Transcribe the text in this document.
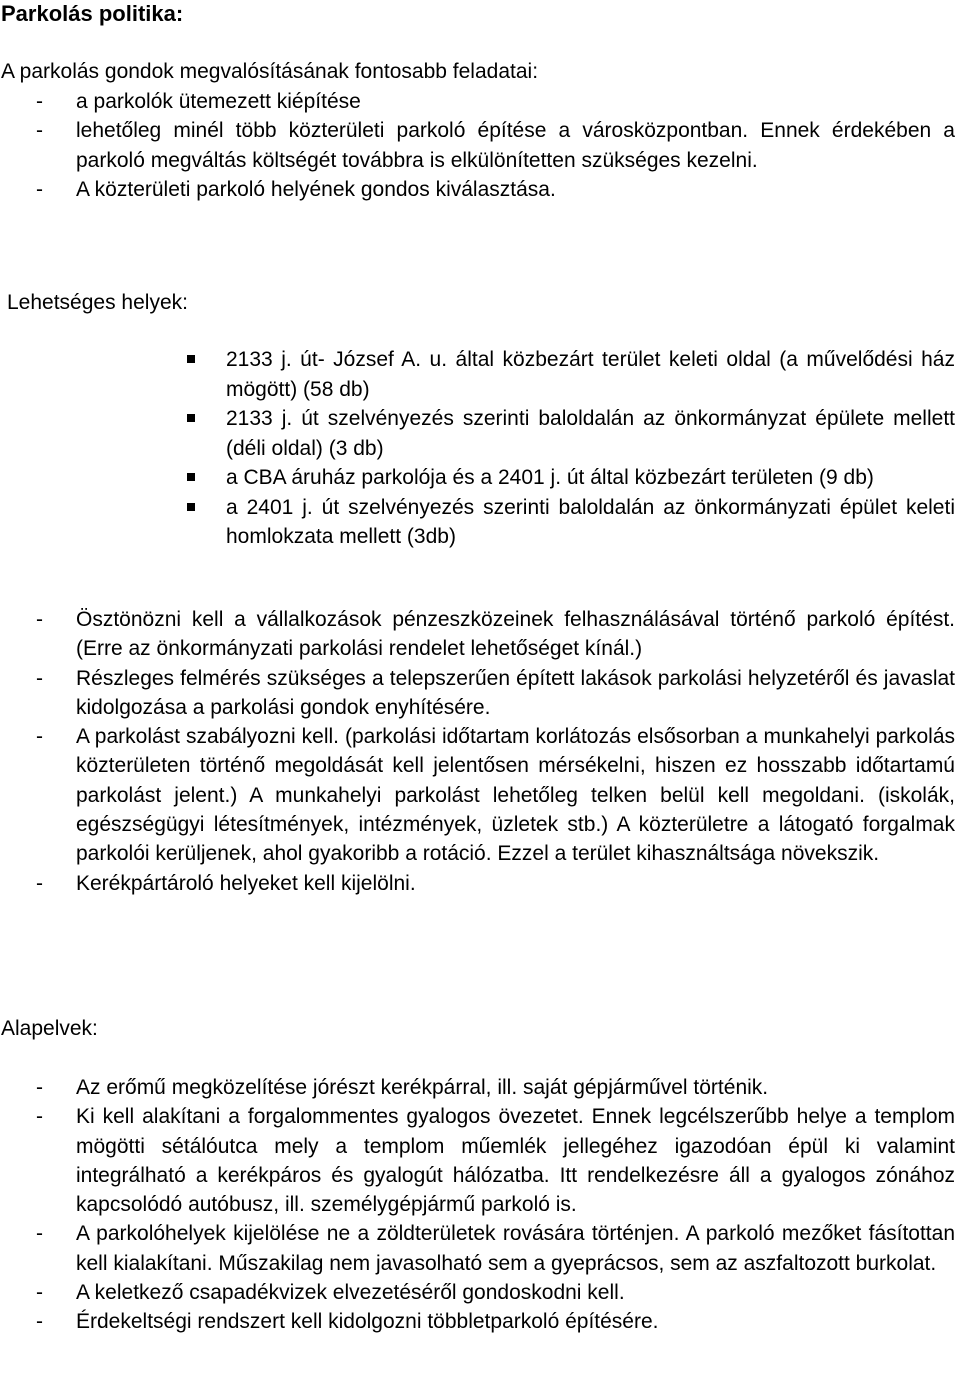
Parkolás politika:

A parkolás gondok megvalósításának fontosabb feladatai:

- a parkolók ütemezett kiépítése
- lehetőleg minél több közterületi parkoló építése a városközpontban. Ennek érdekében a parkoló megváltás költségét továbbra is elkülönítetten szükséges kezelni.
- A közterületi parkoló helyének gondos kiválasztása.

Lehetséges helyek:

2133 j. út- József A. u. által közbezárt terület keleti oldal (a művelődési ház mögött) (58 db)
2133 j. út szelvényezés szerinti baloldalán az önkormányzat épülete mellett (déli oldal) (3 db)
a CBA áruház parkolója és a 2401 j. út által közbezárt területen (9 db)
a 2401 j. út szelvényezés szerinti baloldalán az önkormányzati épület keleti homlokzata mellett (3db)
- Ösztönözni kell a vállalkozások pénzeszközeinek felhasználásával történő parkoló építést. (Erre az önkormányzati parkolási rendelet lehetőséget kínál.)
- Részleges felmérés szükséges a telepszerűen épített lakások parkolási helyzetéről és javaslat kidolgozása a parkolási gondok enyhítésére.
- A parkolást szabályozni kell. (parkolási időtartam korlátozás elsősorban a munkahelyi parkolás közterületen történő megoldását kell jelentősen mérsékelni, hiszen ez hosszabb időtartamú parkolást jelent.) A munkahelyi parkolást lehetőleg telken belül kell megoldani. (iskolák, egészségügyi létesítmények, intézmények, üzletek stb.) A közterületre a látogató forgalmak parkolói kerüljenek, ahol gyakoribb a rotáció. Ezzel a terület kihasználtsága növekszik.
- Kerékpártároló helyeket kell kijelölni.

Alapelvek:

- Az erőmű megközelítése jórészt kerékpárral, ill. saját gépjárművel történik.
- Ki kell alakítani a forgalommentes gyalogos övezetet. Ennek legcélszerűbb helye a templom mögötti sétálóutca mely a templom műemlék jellegéhez igazodóan épül ki valamint integrálható a kerékpáros és gyalogút hálózatba. Itt rendelkezésre áll a gyalogos zónához kapcsolódó autóbusz, ill. személygépjármű parkoló is.
- A parkolóhelyek kijelölése ne a zöldterületek rovására történjen. A parkoló mezőket fásítottan kell kialakítani. Műszakilag nem javasolható sem a gyeprácsos, sem az aszfaltozott burkolat.
- A keletkező csapadékvizek elvezetéséről gondoskodni kell.
- Érdekeltségi rendszert kell kidolgozni többletparkoló építésére.
